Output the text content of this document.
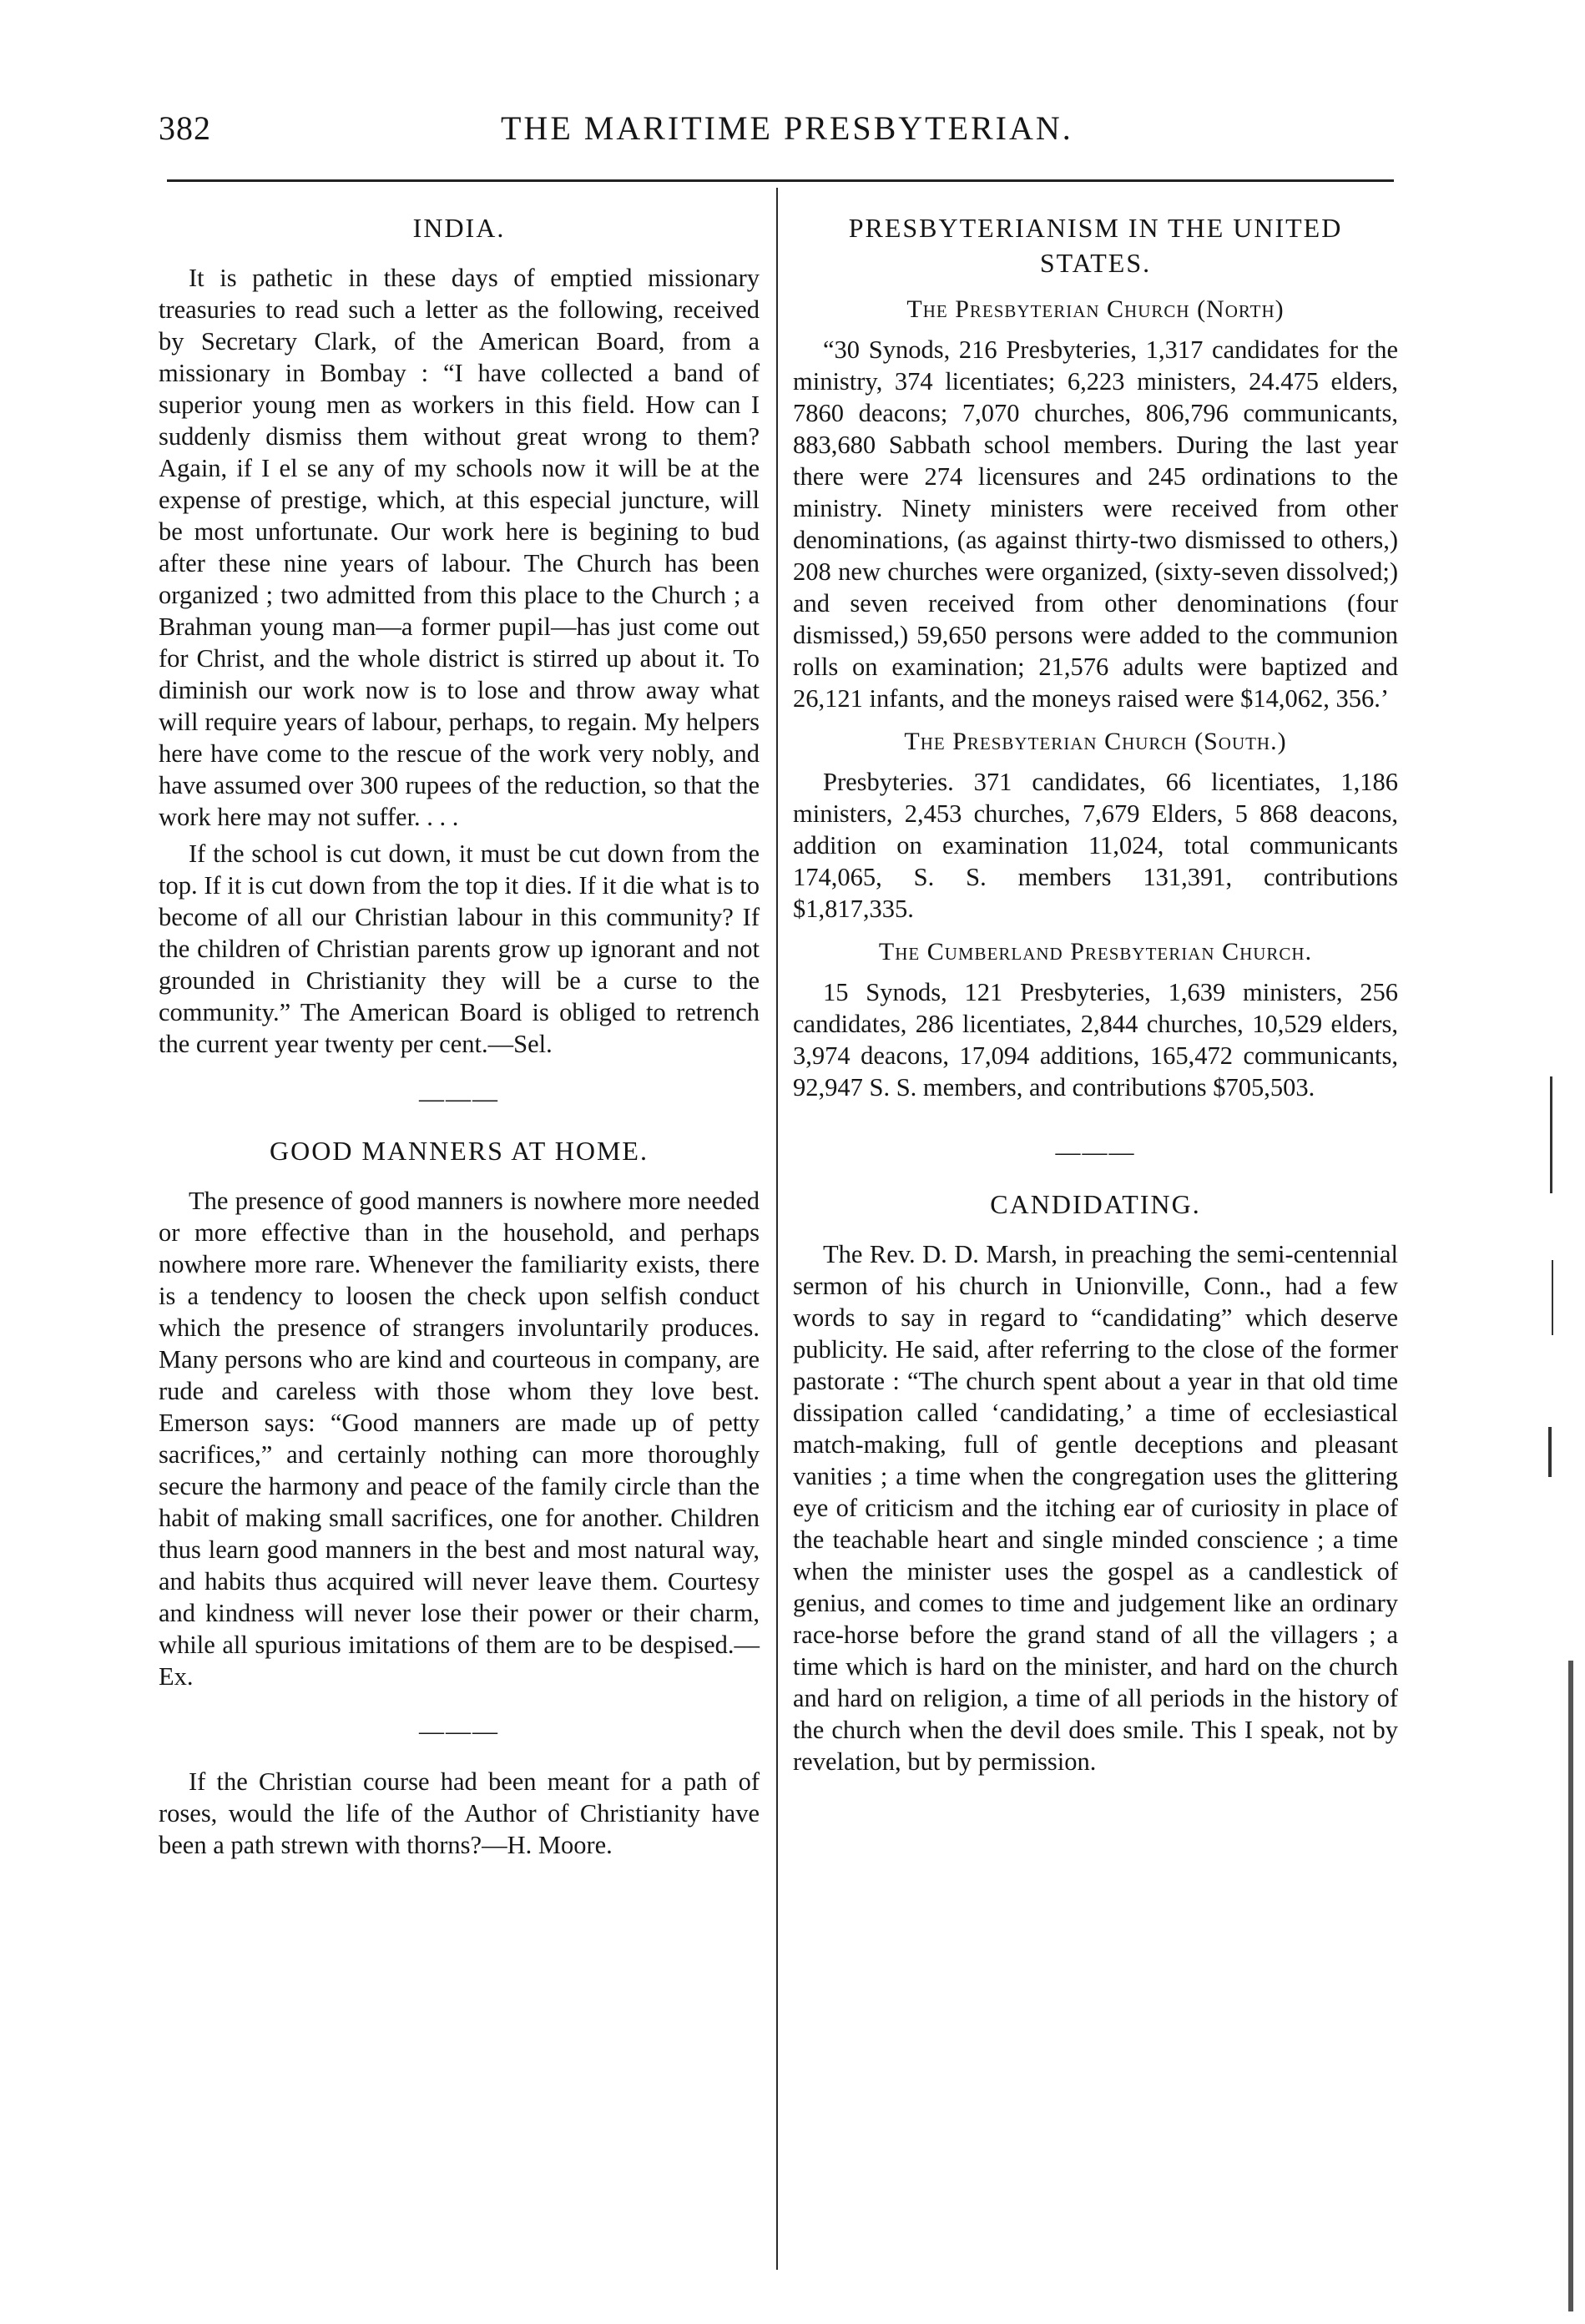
382	THE MARITIME PRESBYTERIAN.
INDIA.

It is pathetic in these days of emptied missionary treasuries to read such a letter as the following, received by Secretary Clark, of the American Board, from a missionary in Bombay : “I have collected a band of superior young men as workers in this field. How can I suddenly dismiss them without great wrong to them? Again, if I el se any of my schools now it will be at the expense of prestige, which, at this especial juncture, will be most unfortunate. Our work here is begining to bud after these nine years of labour. The Church has been organized ; two admitted from this place to the Church ; a Brahman young man—a former pupil—has just come out for Christ, and the whole district is stirred up about it. To diminish our work now is to lose and throw away what will require years of labour, perhaps, to regain. My helpers here have come to the rescue of the work very nobly, and have assumed over 300 rupees of the reduction, so that the work here may not suffer. . . .

If the school is cut down, it must be cut down from the top. If it is cut down from the top it dies. If it die what is to become of all our Christian labour in this community? If the children of Christian parents grow up ignorant and not grounded in Christianity they will be a curse to the community.” The American Board is obliged to retrench the current year twenty per cent.—Sel.

———
GOOD MANNERS AT HOME.

The presence of good manners is nowhere more needed or more effective than in the household, and perhaps nowhere more rare. Whenever the familiarity exists, there is a tendency to loosen the check upon selfish conduct which the presence of strangers involuntarily produces. Many persons who are kind and courteous in company, are rude and careless with those whom they love best. Emerson says: “Good manners are made up of petty sacrifices,” and certainly nothing can more thoroughly secure the harmony and peace of the family circle than the habit of making small sacrifices, one for another. Children thus learn good manners in the best and most natural way, and habits thus acquired will never leave them. Courtesy and kindness will never lose their power or their charm, while all spurious imitations of them are to be despised.—Ex.

———

If the Christian course had been meant for a path of roses, would the life of the Author of Christianity have been a path strewn with thorns?—H. Moore.

PRESBYTERIANISM IN THE UNITED
STATES.
The Presbyterian Church (North)

“30 Synods, 216 Presbyteries, 1,317 candidates for the ministry, 374 licentiates; 6,223 ministers, 24.475 elders, 7860 deacons; 7,070 churches, 806,796 communicants, 883,680 Sabbath school members. During the last year there were 274 licensures and 245 ordinations to the ministry. Ninety ministers were received from other denominations, (as against thirty-two dismissed to others,) 208 new churches were organized, (sixty-seven dissolved;) and seven received from other denominations (four dismissed,) 59,650 persons were added to the communion rolls on examination; 21,576 adults were baptized and 26,121 infants, and the moneys raised were $14,062, 356.’

The Presbyterian Church (South.)

Presbyteries. 371 candidates, 66 licentiates, 1,186 ministers, 2,453 churches, 7,679 Elders, 5 868 deacons, addition on examination 11,024, total communicants 174,065, S. S. members 131,391, contributions $1,817,335.

The Cumberland Presbyterian Church.

15 Synods, 121 Presbyteries, 1,639 ministers, 256 candidates, 286 licentiates, 2,844 churches, 10,529 elders, 3,974 deacons, 17,094 additions, 165,472 communicants, 92,947 S. S. members, and contributions $705,503.

———
CANDIDATING.

The Rev. D. D. Marsh, in preaching the semi-centennial sermon of his church in Unionville, Conn., had a few words to say in regard to “candidating” which deserve publicity. He said, after referring to the close of the former pastorate : “The church spent about a year in that old time dissipation called ‘candidating,’ a time of ecclesiastical match-making, full of gentle deceptions and pleasant vanities ; a time when the congregation uses the glittering eye of criticism and the itching ear of curiosity in place of the teachable heart and single minded conscience ; a time when the minister uses the gospel as a candlestick of genius, and comes to time and judgement like an ordinary race-horse before the grand stand of all the villagers ; a time which is hard on the minister, and hard on the church and hard on religion, a time of all periods in the history of the church when the devil does smile. This I speak, not by revelation, but by permission.
